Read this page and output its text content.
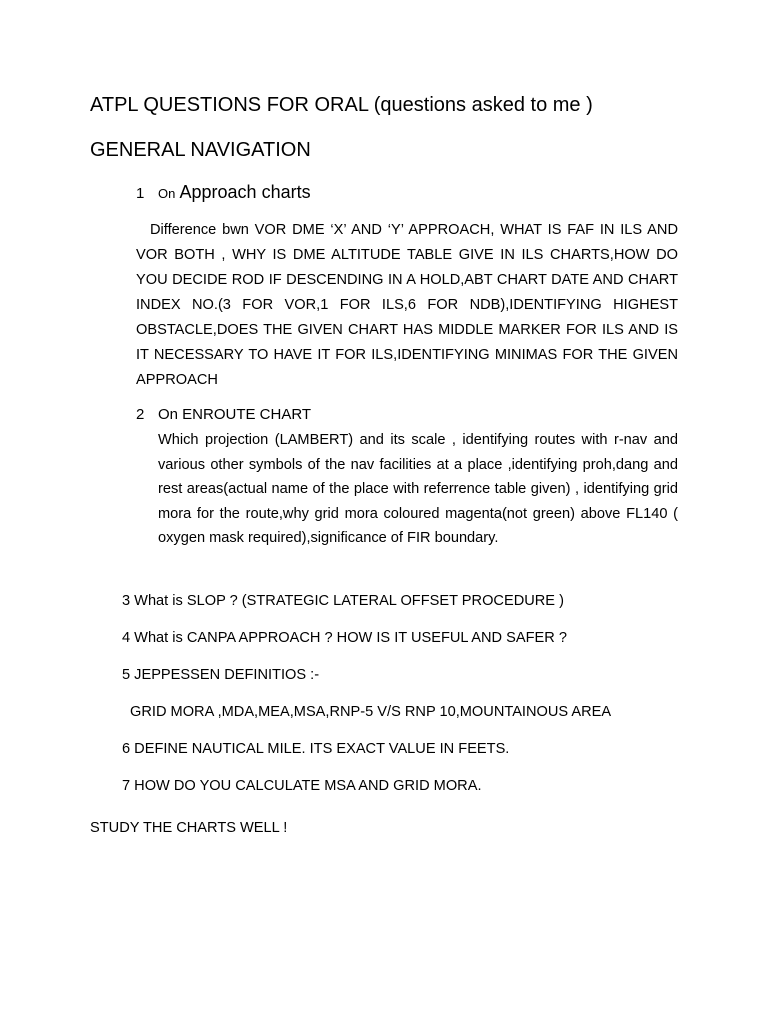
ATPL QUESTIONS FOR ORAL (questions asked to me )
GENERAL NAVIGATION
1 On Approach charts

Difference bwn VOR DME ‘X’ AND ‘Y’ APPROACH, WHAT IS FAF IN ILS AND VOR BOTH , WHY IS DME ALTITUDE TABLE GIVE IN ILS CHARTS,HOW DO YOU DECIDE ROD IF DESCENDING IN A HOLD,ABT CHART DATE AND CHART INDEX NO.(3 FOR VOR,1 FOR ILS,6 FOR NDB),IDENTIFYING HIGHEST OBSTACLE,DOES THE GIVEN CHART HAS MIDDLE MARKER FOR ILS AND IS IT NECESSARY TO HAVE IT FOR ILS,IDENTIFYING MINIMAS FOR THE GIVEN APPROACH

2 On ENROUTE CHART

Which projection (LAMBERT) and its scale , identifying routes with r-nav and various other symbols of the nav facilities at a place ,identifying proh,dang and rest areas(actual name of the place with referrence table given) , identifying grid mora for the route,why grid mora coloured magenta(not green) above FL140 ( oxygen mask required),significance of FIR boundary.

3 What is SLOP ? (STRATEGIC LATERAL OFFSET PROCEDURE )
4 What is CANPA APPROACH ? HOW IS IT USEFUL AND SAFER ?
5 JEPPESSEN DEFINITIOS :-
GRID MORA ,MDA,MEA,MSA,RNP-5 V/S RNP 10,MOUNTAINOUS AREA
6 DEFINE NAUTICAL MILE. ITS EXACT VALUE IN FEETS.
7 HOW DO YOU CALCULATE MSA AND GRID MORA.
STUDY THE CHARTS WELL !
